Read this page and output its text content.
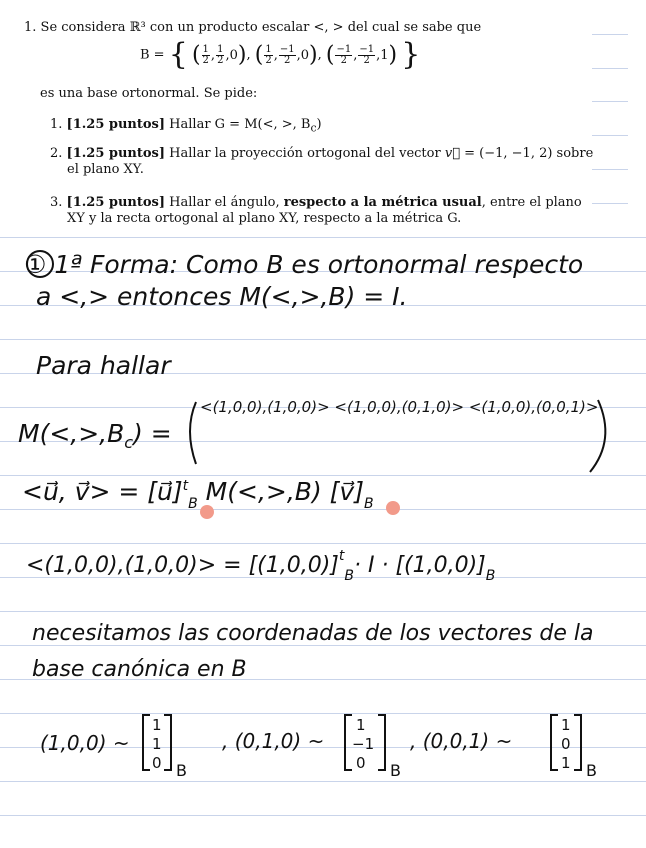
1. Se considera ℝ³ con un producto escalar <, > del cual se sabe que
B = { ( $\frac{1}{2}$ , $\frac{1}{2} ,0$), ( $\frac{1}{2}$ , $\frac{-1}{2} ,0$), ( $\frac{-1}{2}$ , $\frac{-1}{2} ,1$) }
es una base ortonormal. Se pide:
1. [1.25 puntos] Hallar G = M(<, >, $B_c$)
2. [1.25 puntos] Hallar la proyección ortogonal del vector v⃗ = (−1, −1, 2) sobre
el plano XY.
3. [1.25 puntos] Hallar el ángulo, respecto a la métrica usual, entre el plano
XY y la recta ortogonal al plano XY, respecto a la métrica G.
① 1ª Forma: Como B es ortonormal respecto
a <,> entonces M(<,>,B) = I.
Para hallar
$M(<,>,B_c)$ =
<(1,0,0),(1,0,0)> <(1,0,0),(0,1,0)> <(1,0,0),(0,0,1)>
<u⃗, v⃗> = [u⃗]$^t_B$ M(<,>,B) $[v⃗]_B$
$<(1,0,0),(1,0,0)> = [(1,0,0)]^t_B\cdot I \cdot [(1,0,0)]_B$
necesitamos las coordenadas de los vectores de la
base canónica en B
(1,0,0) ~
1
1
0 B
, (0,1,0) ~
1
−1
0 B
, (0,0,1) ~
1
0
1 B
